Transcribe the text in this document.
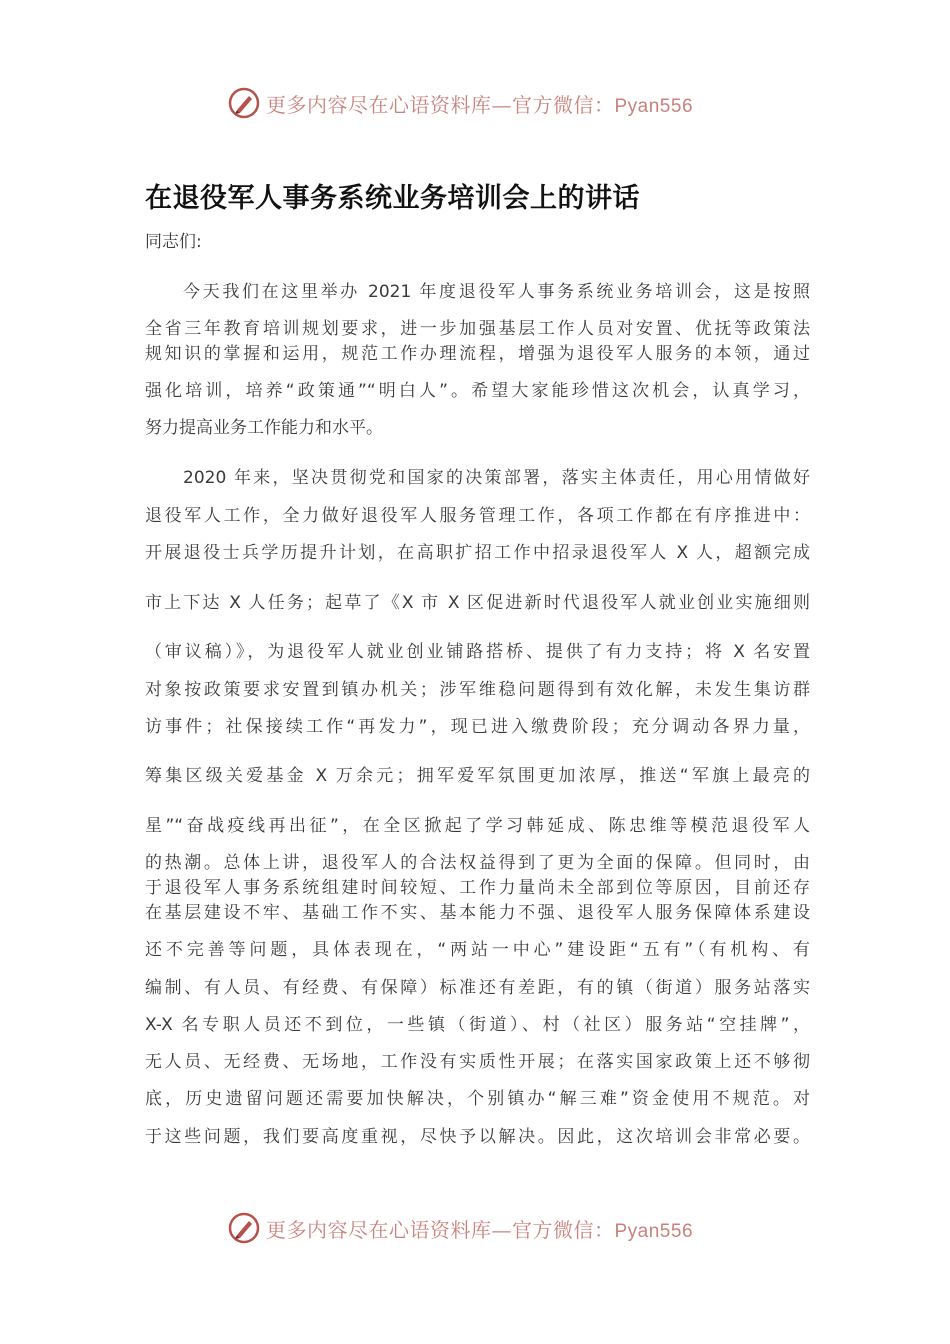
更多内容尽在心语资料库—官方微信：Pyan556
在退役军人事务系统业务培训会上的讲话
同志们:
今天我们在这里举办 2021 年度退役军人事务系统业务培训会，这是按照
全省三年教育培训规划要求，进一步加强基层工作人员对安置、优抚等政策法
规知识的掌握和运用，规范工作办理流程，增强为退役军人服务的本领，通过
强化培训，培养“政策通”“明白人”。希望大家能珍惜这次机会，认真学习，
努力提高业务工作能力和水平。
2020 年来，坚决贯彻党和国家的决策部署，落实主体责任，用心用情做好
退役军人工作，全力做好退役军人服务管理工作，各项工作都在有序推进中：
开展退役士兵学历提升计划，在高职扩招工作中招录退役军人 X 人，超额完成
市上下达 X 人任务；起草了《X 市 X 区促进新时代退役军人就业创业实施细则
（审议稿）》，为退役军人就业创业铺路搭桥、提供了有力支持；将 X 名安置
对象按政策要求安置到镇办机关；涉军维稳问题得到有效化解，未发生集访群
访事件；社保接续工作“再发力”，现已进入缴费阶段；充分调动各界力量，
筹集区级关爱基金 X 万余元；拥军爱军氛围更加浓厚，推送“军旗上最亮的
星”“奋战疫线再出征”，在全区掀起了学习韩延成、陈忠维等模范退役军人
的热潮。总体上讲，退役军人的合法权益得到了更为全面的保障。但同时，由
于退役军人事务系统组建时间较短、工作力量尚未全部到位等原因，目前还存
在基层建设不牢、基础工作不实、基本能力不强、退役军人服务保障体系建设
还不完善等问题，具体表现在，“两站一中心”建设距“五有”（有机构、有
编制、有人员、有经费、有保障）标准还有差距，有的镇（街道）服务站落实
X-X 名专职人员还不到位，一些镇（街道）、村（社区）服务站“空挂牌”，
无人员、无经费、无场地，工作没有实质性开展；在落实国家政策上还不够彻
底，历史遗留问题还需要加快解决，个别镇办“解三难”资金使用不规范。对
于这些问题，我们要高度重视，尽快予以解决。因此，这次培训会非常必要。
更多内容尽在心语资料库—官方微信：Pyan556
